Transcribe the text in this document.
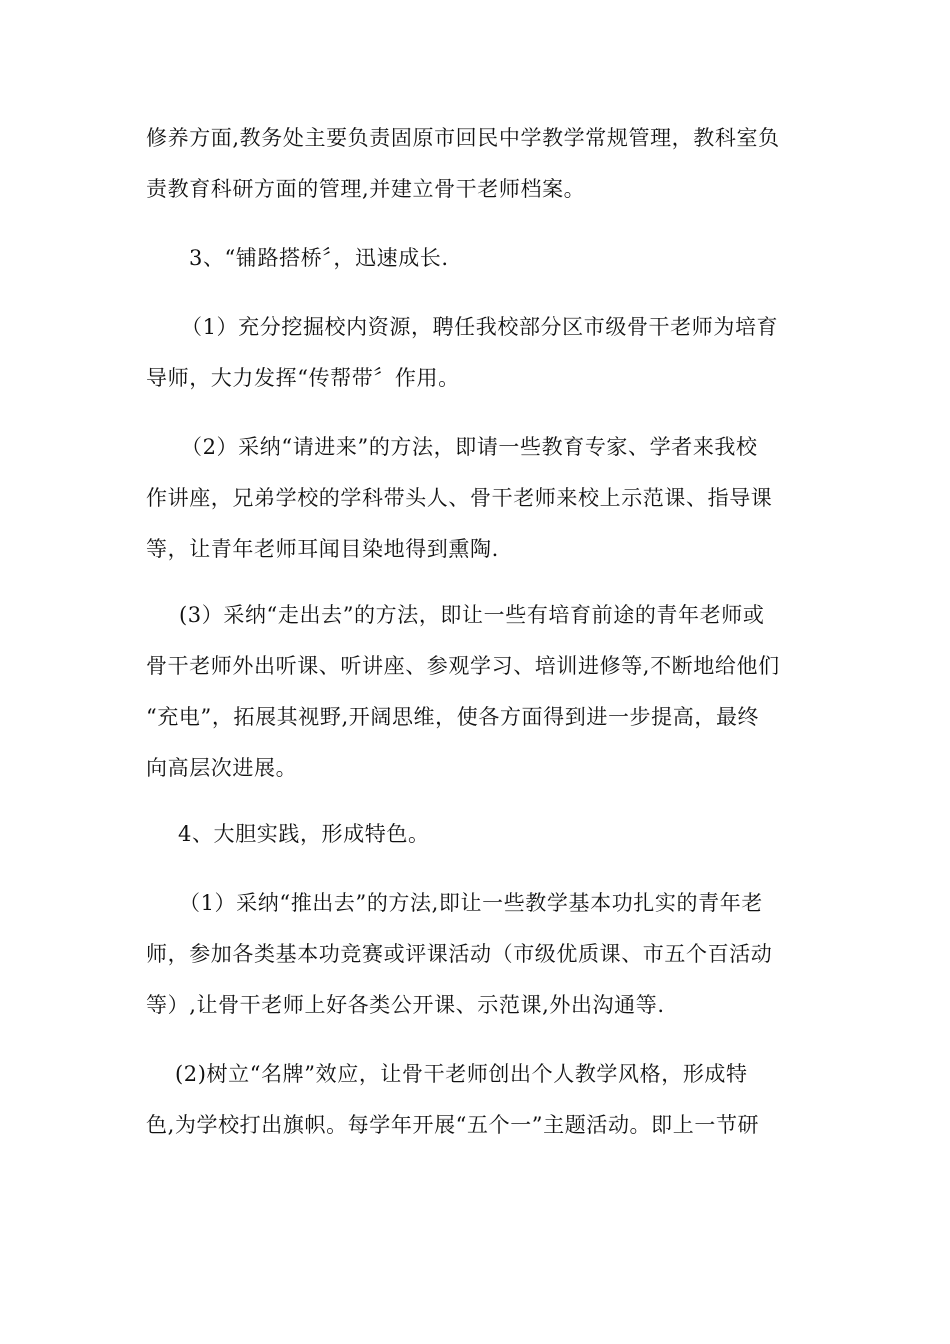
修养方面,教务处主要负责固原市回民中学教学常规管理，教科室负
责教育科研方面的管理,并建立骨干老师档案。
3、“铺路搭桥〞，迅速成长.
（1）充分挖掘校内资源，聘任我校部分区市级骨干老师为培育
导师，大力发挥“传帮带〞作用。
（2）采纳“请进来”的方法，即请一些教育专家、学者来我校
作讲座，兄弟学校的学科带头人、骨干老师来校上示范课、指导课
等，让青年老师耳闻目染地得到熏陶.
(3）采纳“走出去”的方法，即让一些有培育前途的青年老师或
骨干老师外出听课、听讲座、参观学习、培训进修等,不断地给他们
“充电”，拓展其视野,开阔思维，使各方面得到进一步提高，最终
向高层次进展。
4、大胆实践，形成特色。
（1）采纳“推出去”的方法,即让一些教学基本功扎实的青年老
师，参加各类基本功竞赛或评课活动（市级优质课、市五个百活动
等）,让骨干老师上好各类公开课、示范课,外出沟通等.
(2)树立“名牌”效应，让骨干老师创出个人教学风格，形成特
色,为学校打出旗帜。每学年开展“五个一”主题活动。即上一节研
